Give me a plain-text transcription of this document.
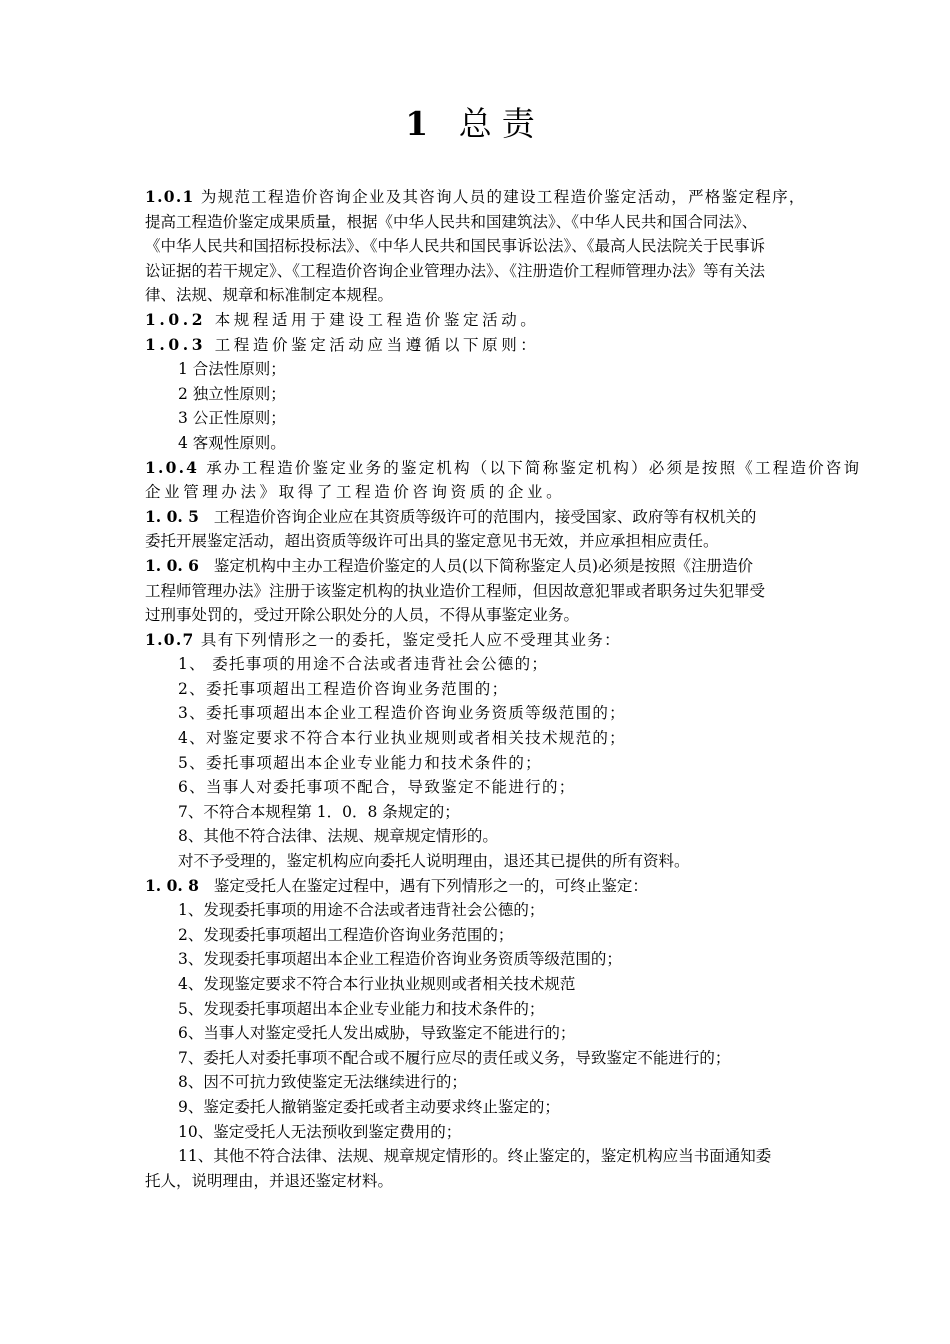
1 总责
1.0.1 为规范工程造价咨询企业及其咨询人员的建设工程造价鉴定活动，严格鉴定程序，
提高工程造价鉴定成果质量，根据《中华人民共和国建筑法》、《中华人民共和国合同法》、
《中华人民共和国招标投标法》、《中华人民共和国民事诉讼法》、《最高人民法院关于民事诉
讼证据的若干规定》、《工程造价咨询企业管理办法》、《注册造价工程师管理办法》等有关法
律、法规、规章和标准制定本规程。
1.0.2 本规程适用于建设工程造价鉴定活动。
1.0.3 工程造价鉴定活动应当遵循以下原则：
1 合法性原则；
2 独立性原则；
3 公正性原则；
4 客观性原则。
1.0.4 承办工程造价鉴定业务的鉴定机构（以下简称鉴定机构）必须是按照《工程造价咨询
企业管理办法》取得了工程造价咨询资质的企业。
1. 0. 5 工程造价咨询企业应在其资质等级许可的范围内，接受国家、政府等有权机关的
委托开展鉴定活动，超出资质等级许可出具的鉴定意见书无效，并应承担相应责任。
1. 0. 6 鉴定机构中主办工程造价鉴定的人员(以下简称鉴定人员)必须是按照《注册造价
工程师管理办法》注册于该鉴定机构的执业造价工程师，但因故意犯罪或者职务过失犯罪受
过刑事处罚的，受过开除公职处分的人员，不得从事鉴定业务。
1.0.7 具有下列情形之一的委托，鉴定受托人应不受理其业务：
1、 委托事项的用途不合法或者违背社会公德的；
2、委托事项超出工程造价咨询业务范围的；
3、委托事项超出本企业工程造价咨询业务资质等级范围的；
4、对鉴定要求不符合本行业执业规则或者相关技术规范的；
5、委托事项超出本企业专业能力和技术条件的；
6、当事人对委托事项不配合，导致鉴定不能进行的；
7、不符合本规程第 1．0．8 条规定的；
8、其他不符合法律、法规、规章规定情形的。
对不予受理的，鉴定机构应向委托人说明理由，退还其已提供的所有资料。
1. 0. 8 鉴定受托人在鉴定过程中，遇有下列情形之一的，可终止鉴定：
1、发现委托事项的用途不合法或者违背社会公德的；
2、发现委托事项超出工程造价咨询业务范围的；
3、发现委托事项超出本企业工程造价咨询业务资质等级范围的；
4、发现鉴定要求不符合本行业执业规则或者相关技术规范
5、发现委托事项超出本企业专业能力和技术条件的；
6、当事人对鉴定受托人发出威胁，导致鉴定不能进行的；
7、委托人对委托事项不配合或不履行应尽的责任或义务，导致鉴定不能进行的；
8、因不可抗力致使鉴定无法继续进行的；
9、鉴定委托人撤销鉴定委托或者主动要求终止鉴定的；
10、鉴定受托人无法预收到鉴定费用的；
11、其他不符合法律、法规、规章规定情形的。终止鉴定的，鉴定机构应当书面通知委
托人，说明理由，并退还鉴定材料。
